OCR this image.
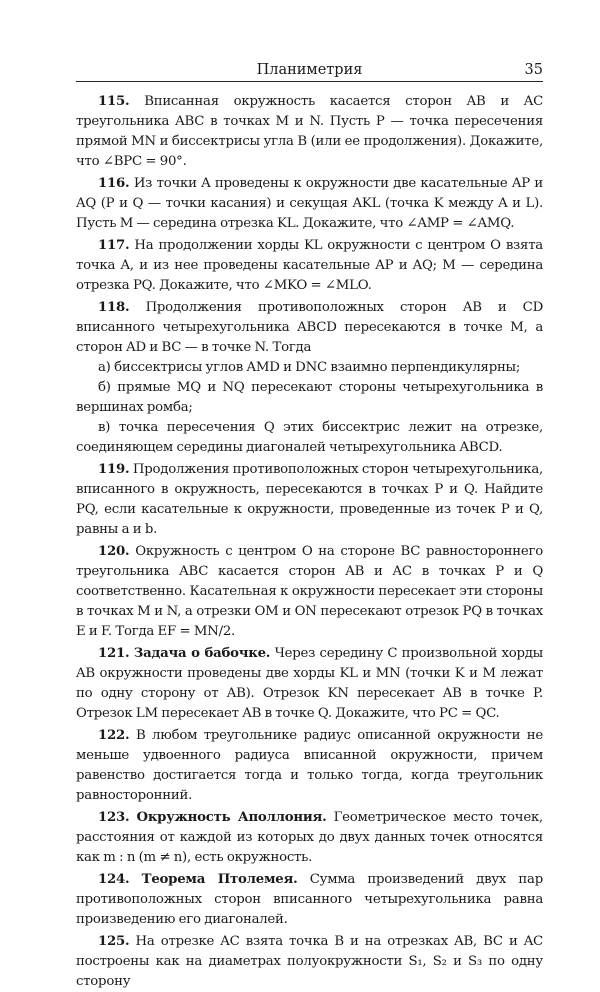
Планиметрия	35

115. Вписанная окружность касается сторон AB и AC треугольника ABC в точках M и N. Пусть P — точка пересечения прямой MN и биссектрисы угла B (или ее продолжения). Докажите, что ∠BPC = 90°.

116. Из точки A проведены к окружности две касательные AP и AQ (P и Q — точки касания) и секущая AKL (точка K между A и L). Пусть M — середина отрезка KL. Докажите, что ∠AMP = ∠AMQ.

117. На продолжении хорды KL окружности с центром O взята точка A, и из нее проведены касательные AP и AQ; M — середина отрезка PQ. Докажите, что ∠MKO = ∠MLO.

118. Продолжения противоположных сторон AB и CD вписанного четырехугольника ABCD пересекаются в точке M, а сторон AD и BC — в точке N. Тогда

а) биссектрисы углов AMD и DNC взаимно перпендикулярны;

б) прямые MQ и NQ пересекают стороны четырехугольника в вершинах ромба;

в) точка пересечения Q этих биссектрис лежит на отрезке, соединяющем середины диагоналей четырехугольника ABCD.

119. Продолжения противоположных сторон четырехугольника, вписанного в окружность, пересекаются в точках P и Q. Найдите PQ, если касательные к окружности, проведенные из точек P и Q, равны a и b.

120. Окружность с центром O на стороне BC равностороннего треугольника ABC касается сторон AB и AC в точках P и Q соответственно. Касательная к окружности пересекает эти стороны в точках M и N, а отрезки OM и ON пересекают отрезок PQ в точках E и F. Тогда EF = MN/2.

121. Задача о бабочке. Через середину C произвольной хорды AB окружности проведены две хорды KL и MN (точки K и M лежат по одну сторону от AB). Отрезок KN пересекает AB в точке P. Отрезок LM пересекает AB в точке Q. Докажите, что PC = QC.

122. В любом треугольнике радиус описанной окружности не меньше удвоенного радиуса вписанной окружности, причем равенство достигается тогда и только тогда, когда треугольник равносторонний.

123. Окружность Аполлония. Геометрическое место точек, расстояния от каждой из которых до двух данных точек относятся как m : n (m ≠ n), есть окружность.

124. Теорема Птолемея. Сумма произведений двух пар противоположных сторон вписанного четырехугольника равна произведению его диагоналей.

125. На отрезке AC взята точка B и на отрезках AB, BC и AC построены как на диаметрах полуокружности S₁, S₂ и S₃ по одну сторону
